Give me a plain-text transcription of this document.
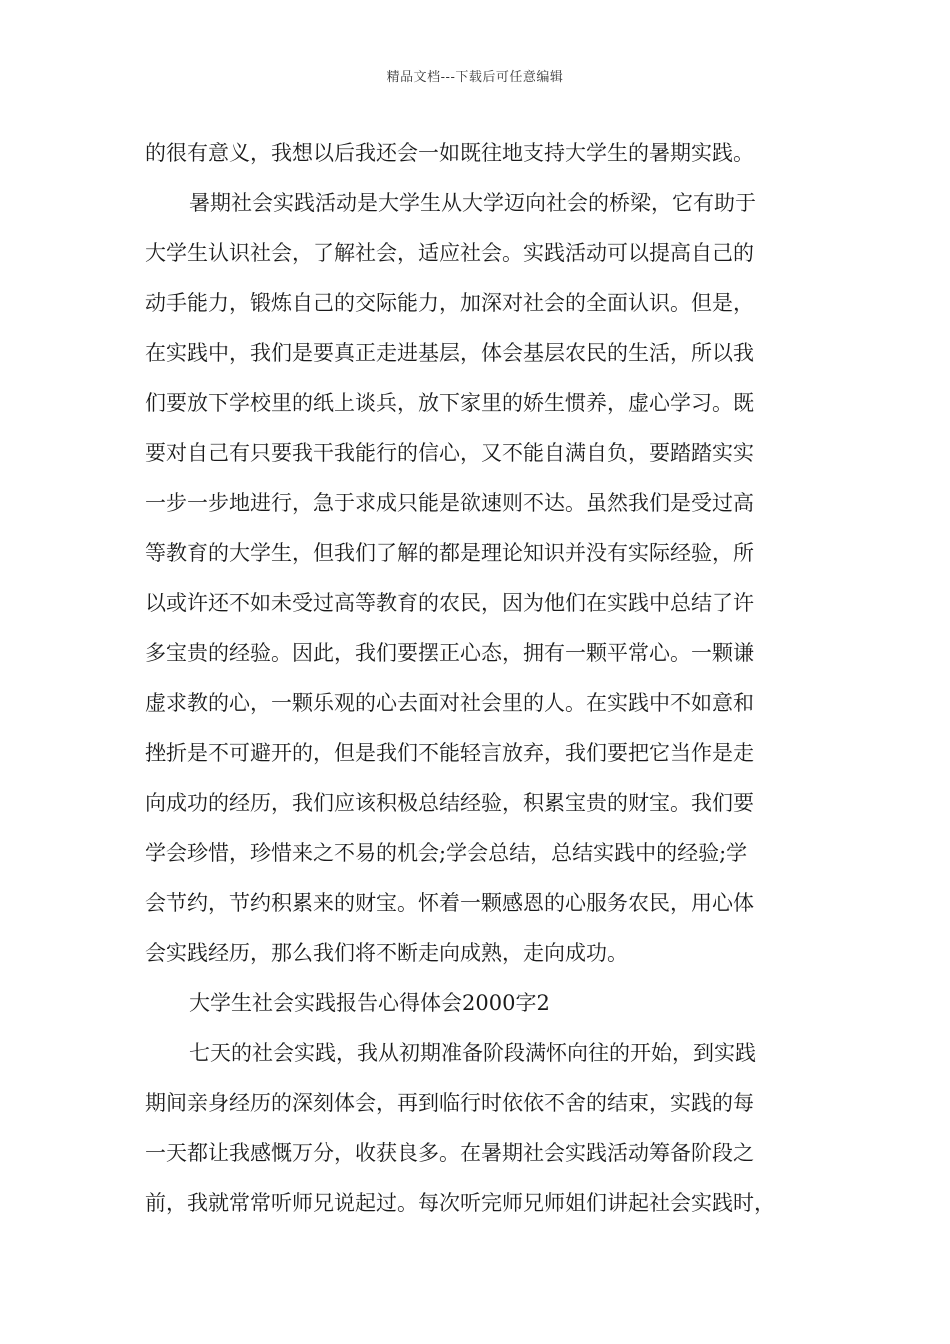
精品文档---下载后可任意编辑
的很有意义，我想以后我还会一如既往地支持大学生的暑期实践。
暑期社会实践活动是大学生从大学迈向社会的桥梁，它有助于
大学生认识社会，了解社会，适应社会。实践活动可以提高自己的
动手能力，锻炼自己的交际能力，加深对社会的全面认识。但是，
在实践中，我们是要真正走进基层，体会基层农民的生活，所以我
们要放下学校里的纸上谈兵，放下家里的娇生惯养，虚心学习。既
要对自己有只要我干我能行的信心，又不能自满自负，要踏踏实实
一步一步地进行，急于求成只能是欲速则不达。虽然我们是受过高
等教育的大学生，但我们了解的都是理论知识并没有实际经验，所
以或许还不如未受过高等教育的农民，因为他们在实践中总结了许
多宝贵的经验。因此，我们要摆正心态，拥有一颗平常心。一颗谦
虚求教的心，一颗乐观的心去面对社会里的人。在实践中不如意和
挫折是不可避开的，但是我们不能轻言放弃，我们要把它当作是走
向成功的经历，我们应该积极总结经验，积累宝贵的财宝。我们要
学会珍惜，珍惜来之不易的机会;学会总结，总结实践中的经验;学
会节约，节约积累来的财宝。怀着一颗感恩的心服务农民，用心体
会实践经历，那么我们将不断走向成熟，走向成功。
大学生社会实践报告心得体会2000字2
七天的社会实践，我从初期准备阶段满怀向往的开始，到实践
期间亲身经历的深刻体会，再到临行时依依不舍的结束，实践的每
一天都让我感慨万分，收获良多。在暑期社会实践活动筹备阶段之
前，我就常常听师兄说起过。每次听完师兄师姐们讲起社会实践时，
